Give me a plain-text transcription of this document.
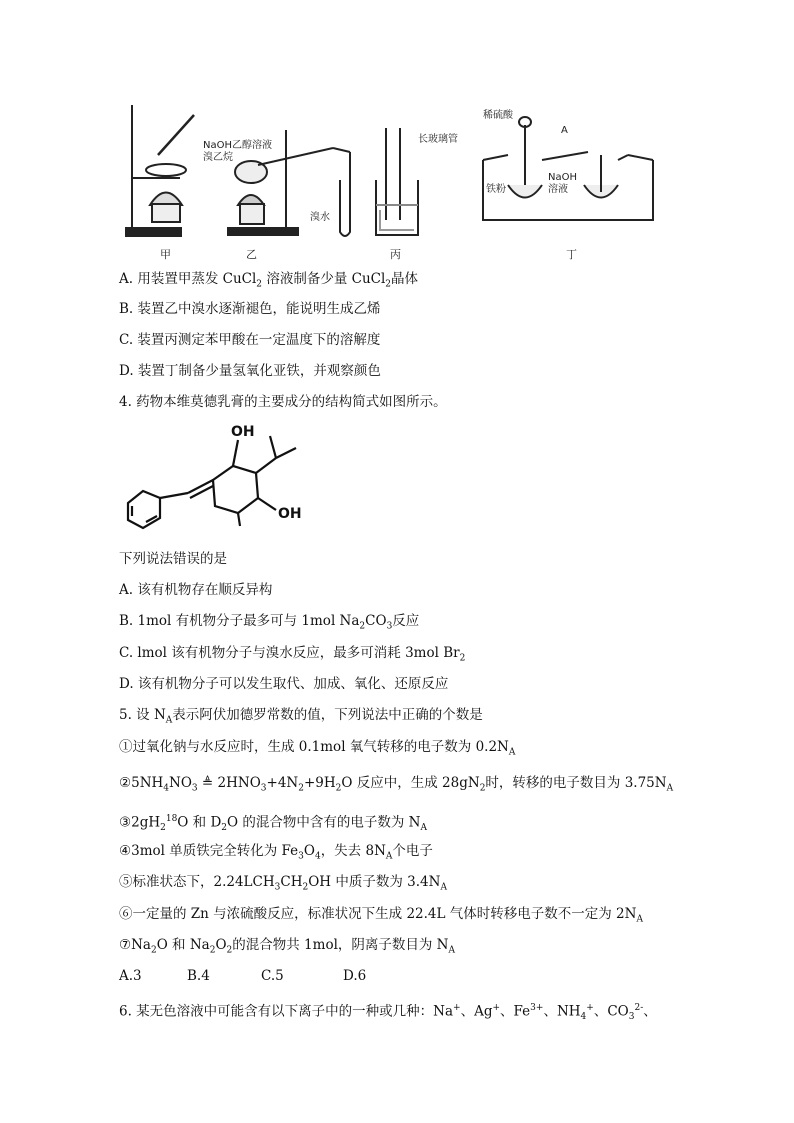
NaOH乙醇溶液
溴乙烷
溴水
长玻璃管
稀硫酸
A
铁粉
NaOH
溶液
甲	乙	丙	丁
A. 用装置甲蒸发 CuCl$_2$ 溶液制备少量 CuCl$_2$晶体
B. 装置乙中溴水逐渐褪色，能说明生成乙烯
C. 装置丙测定苯甲酸在一定温度下的溶解度
D. 装置丁制备少量氢氧化亚铁，并观察颜色
4. 药物本维莫德乳膏的主要成分的结构简式如图所示。
OH
OH
下列说法错误的是
A. 该有机物存在顺反异构
B. 1mol 有机物分子最多可与 1mol $Na_2CO_3$反应
C. lmol 该有机物分子与溴水反应，最多可消耗 3mol $Br_2$
D. 该有机物分子可以发生取代、加成、氧化、还原反应
5. 设 $N_A$表示阿伏加德罗常数的值，下列说法中正确的个数是
①过氧化钠与水反应时，生成 0.1mol 氧气转移的电子数为 $0.2N_A$
$②5NH_4NO_3$ ≜ $2HNO_3+4N_2+9H_2O$ 反应中，生成 $28gN_2$时，转移的电子数目为 $3.75N_A$
$③2gH_2^{18}O$ 和 $D_2O$ 的混合物中含有的电子数为 $N_A$
④3mol 单质铁完全转化为 $Fe_3O_4$，失去 $8N_A$个电子
⑤标准状态下，$2.24LCH_3CH_2OH$ 中质子数为 $3.4N_A$
⑥一定量的 Zn 与浓硫酸反应，标准状况下生成 22.4L 气体时转移电子数不一定为 $2N_A$
$⑦Na_2O$ 和 $Na_2O_2$的混合物共 1mol，阴离子数目为 $N_A$
A.3	B.4	C.5	D.6
6. 某无色溶液中可能含有以下离子中的一种或几种：Na+、Ag+、$Fe^{3+}$、$NH_4^+$、$CO_3^{2-}$、
